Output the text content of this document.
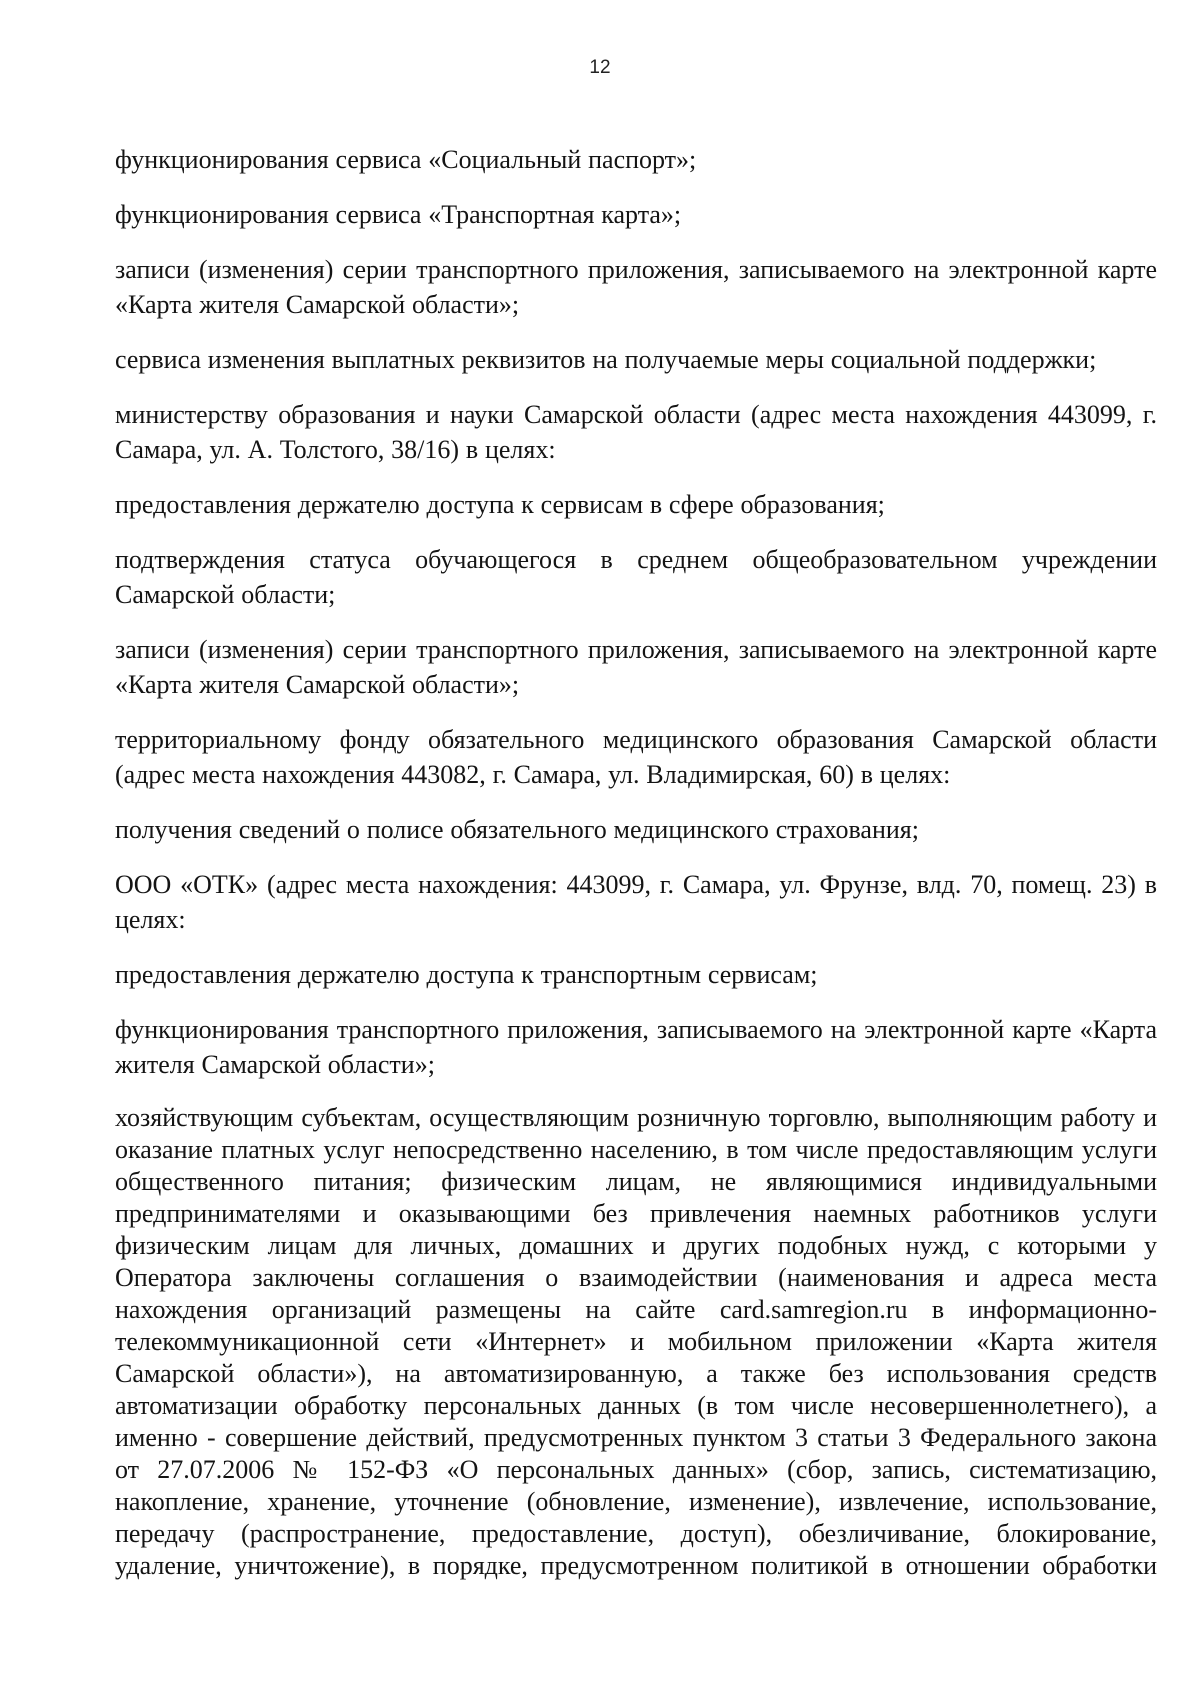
12

функционирования сервиса «Социальный паспорт»;

функционирования сервиса «Транспортная карта»;

записи (изменения) серии транспортного приложения, записываемого на электронной карте «Карта жителя Самарской области»;

сервиса изменения выплатных реквизитов на получаемые меры социальной поддержки;

министерству образования и науки Самарской области (адрес места нахождения 443099, г. Самара, ул. А. Толстого, 38/16) в целях:

предоставления держателю доступа к сервисам в сфере образования;

подтверждения статуса обучающегося в среднем общеобразовательном учреждении Самарской области;

записи (изменения) серии транспортного приложения, записываемого на электронной карте «Карта жителя Самарской области»;

территориальному фонду обязательного медицинского образования Самарской области (адрес места нахождения 443082, г. Самара, ул. Владимирская, 60) в целях:

получения сведений о полисе обязательного медицинского страхования;

ООО «ОТК» (адрес места нахождения: 443099, г. Самара, ул. Фрунзе, влд. 70, помещ. 23) в целях:

предоставления держателю доступа к транспортным сервисам;

функционирования транспортного приложения, записываемого на электронной карте «Карта жителя Самарской области»;

хозяйствующим субъектам, осуществляющим розничную торговлю, выполняющим работу и оказание платных услуг непосредственно населению, в том числе предоставляющим услуги общественного питания; физическим лицам, не являющимися индивидуальными предпринимателями и оказывающими без привлечения наемных работников услуги физическим лицам для личных, домашних и других подобных нужд, с которыми у Оператора заключены соглашения о взаимодействии (наименования и адреса места нахождения организаций размещены на сайте card.samregion.ru в информационно-телекоммуникационной сети «Интернет» и мобильном приложении «Карта жителя Самарской области»), на автоматизированную, а также без использования средств автоматизации обработку персональных данных (в том числе несовершеннолетнего), а именно - совершение действий, предусмотренных пунктом 3 статьи 3 Федерального закона от 27.07.2006 № 152-ФЗ «О персональных данных» (сбор, запись, систематизацию, накопление, хранение, уточнение (обновление, изменение), извлечение, использование, передачу (распространение, предоставление, доступ), обезличивание, блокирование, удаление, уничтожение), в порядке, предусмотренном политикой в отношении обработки
